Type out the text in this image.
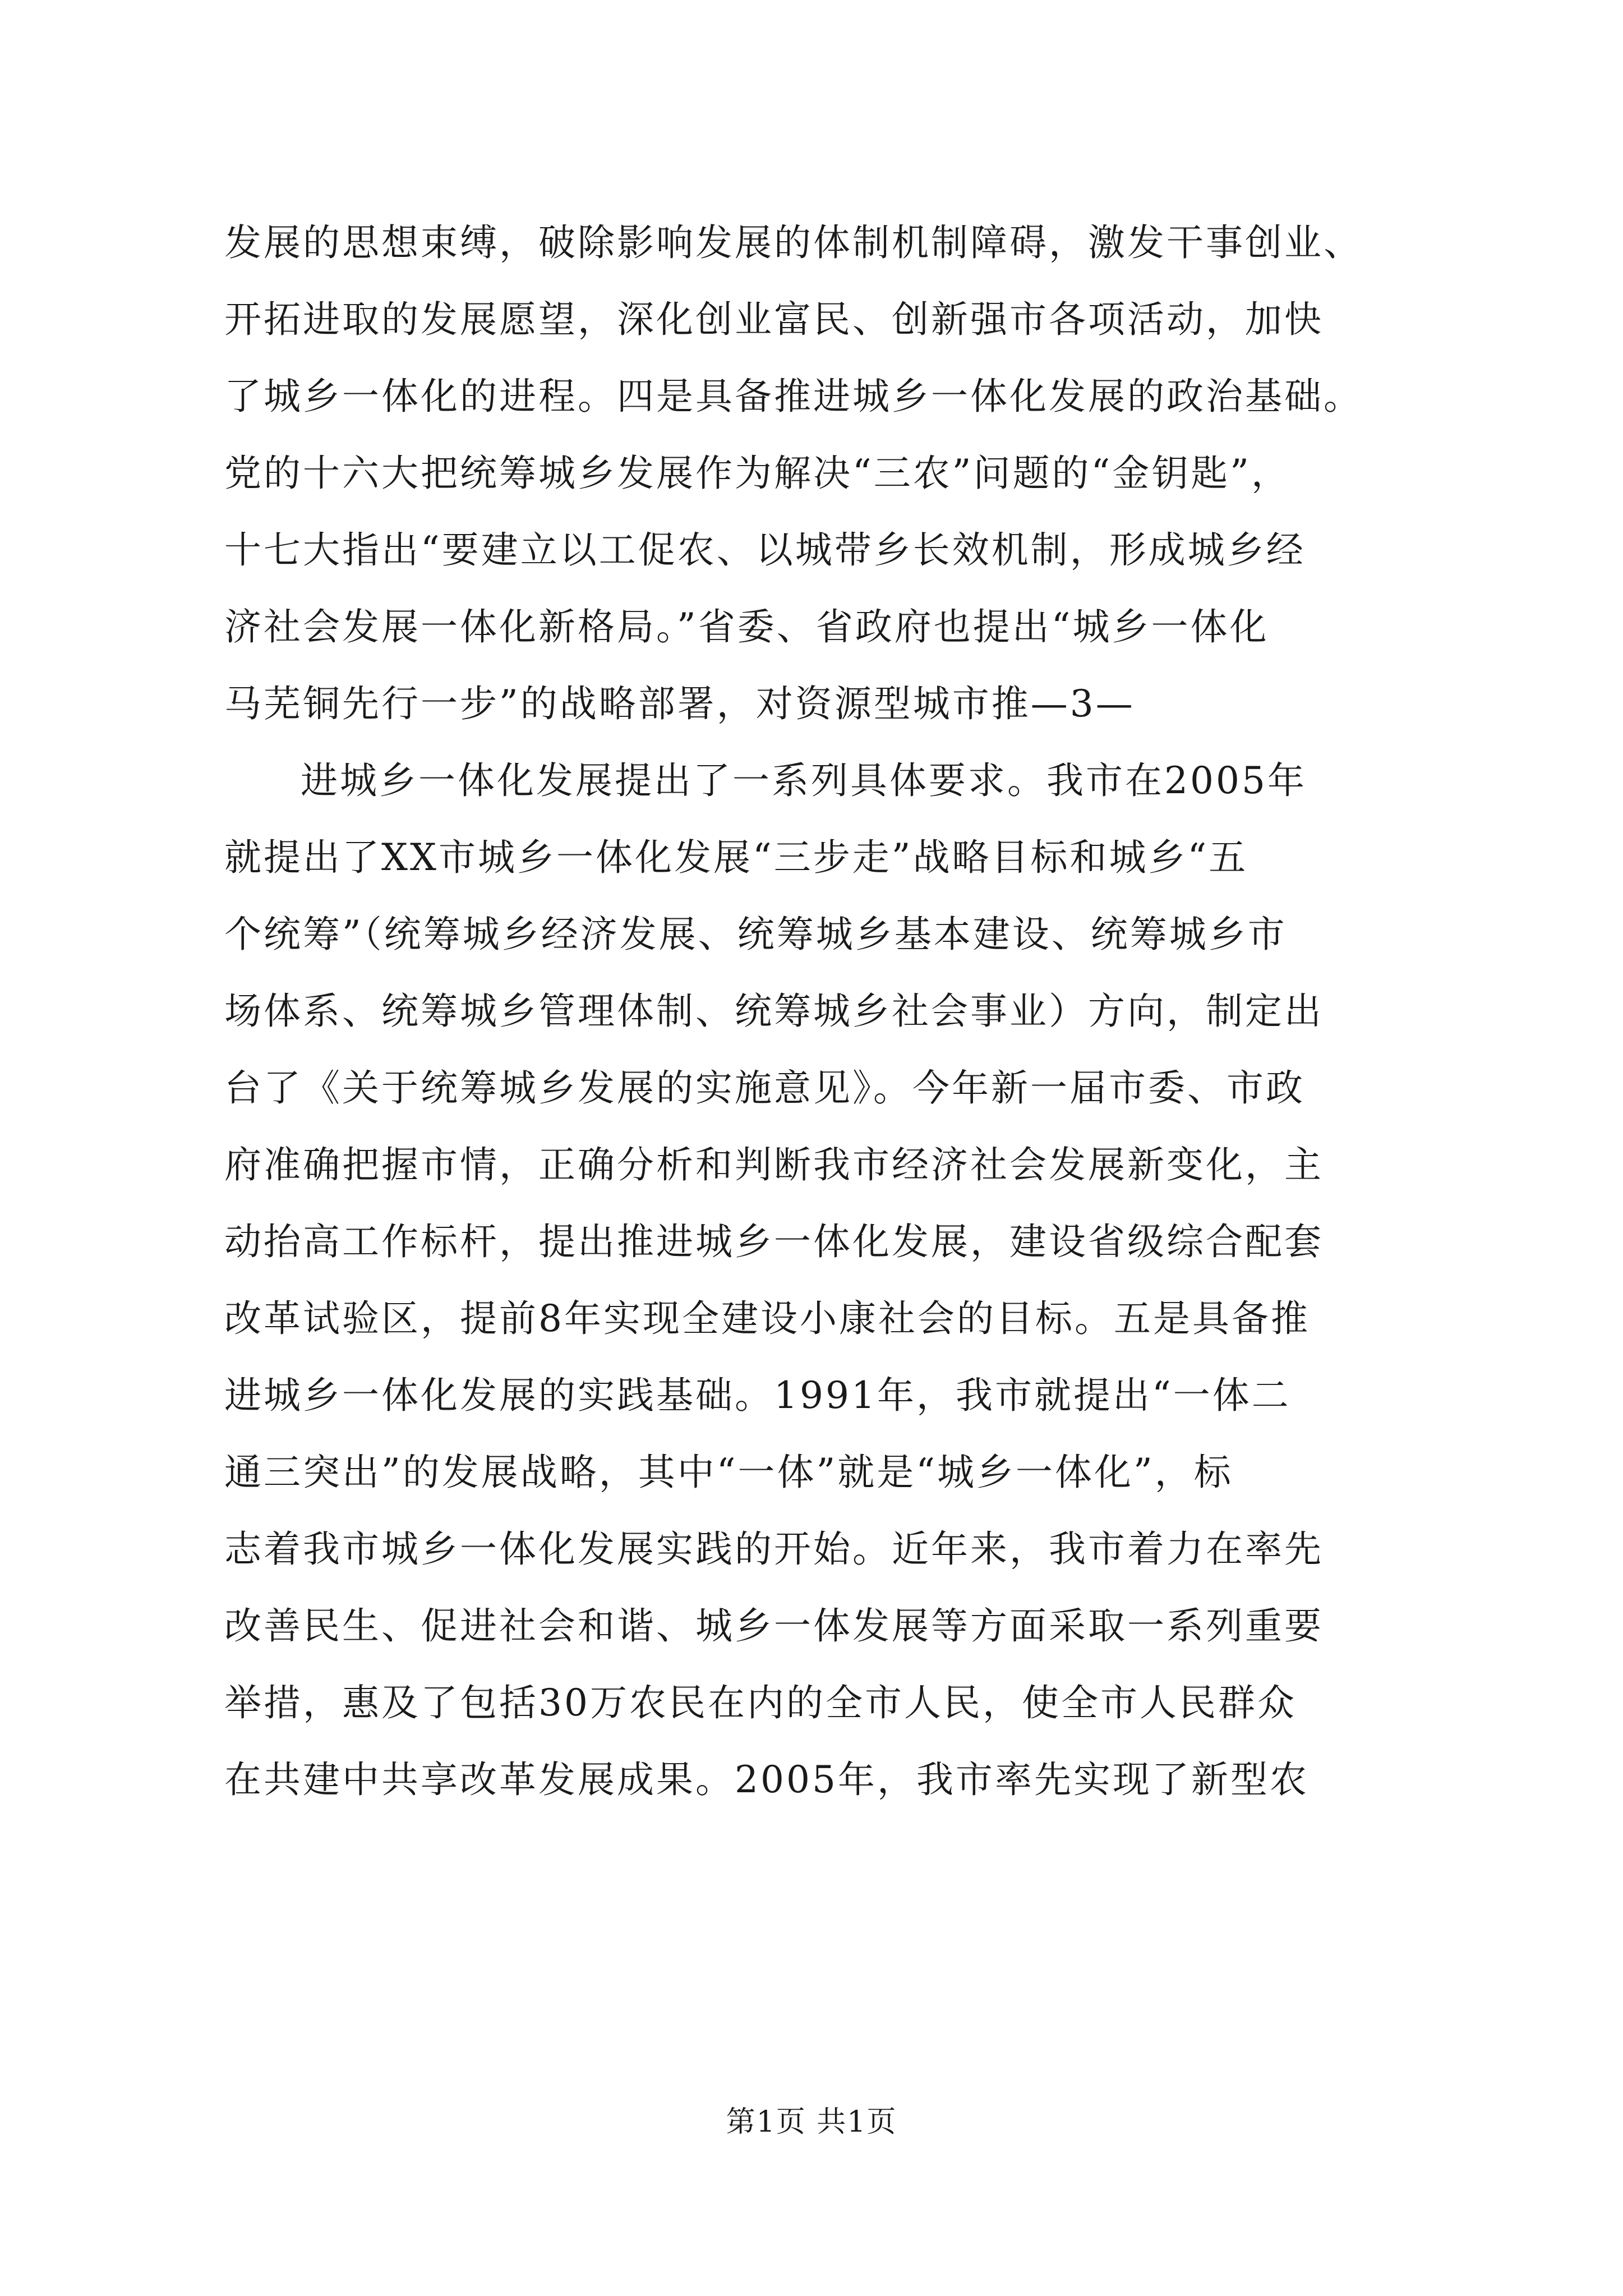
发展的思想束缚，破除影响发展的体制机制障碍，激发干事创业、
开拓进取的发展愿望，深化创业富民、创新强市各项活动，加快
了城乡一体化的进程。四是具备推进城乡一体化发展的政治基础。
党的十六大把统筹城乡发展作为解决“三农”问题的“金钥匙”，
十七大指出“要建立以工促农、以城带乡长效机制，形成城乡经
济社会发展一体化新格局。”省委、省政府也提出“城乡一体化
马芜铜先行一步”的战略部署，对资源型城市推—3—
进城乡一体化发展提出了一系列具体要求。我市在2005年
就提出了XX市城乡一体化发展“三步走”战略目标和城乡“五
个统筹”（统筹城乡经济发展、统筹城乡基本建设、统筹城乡市
场体系、统筹城乡管理体制、统筹城乡社会事业）方向，制定出
台了《关于统筹城乡发展的实施意见》。今年新一届市委、市政
府准确把握市情，正确分析和判断我市经济社会发展新变化，主
动抬高工作标杆，提出推进城乡一体化发展，建设省级综合配套
改革试验区，提前8年实现全建设小康社会的目标。五是具备推
进城乡一体化发展的实践基础。1991年，我市就提出“一体二
通三突出”的发展战略，其中“一体”就是“城乡一体化”，标
志着我市城乡一体化发展实践的开始。近年来，我市着力在率先
改善民生、促进社会和谐、城乡一体发展等方面采取一系列重要
举措，惠及了包括30万农民在内的全市人民，使全市人民群众
在共建中共享改革发展成果。2005年，我市率先实现了新型农
第1页 共1页
